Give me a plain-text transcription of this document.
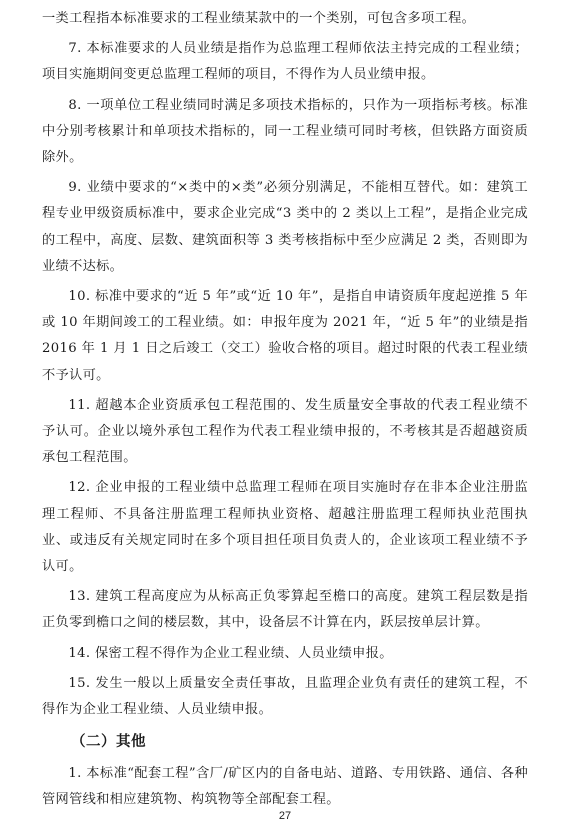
一类工程指本标准要求的工程业绩某款中的一个类别，可包含多项工程。

7. 本标准要求的人员业绩是指作为总监理工程师依法主持完成的工程业绩；项目实施期间变更总监理工程师的项目，不得作为人员业绩申报。

8. 一项单位工程业绩同时满足多项技术指标的，只作为一项指标考核。标准中分别考核累计和单项技术指标的，同一工程业绩可同时考核，但铁路方面资质除外。

9. 业绩中要求的“×类中的×类”必须分别满足，不能相互替代。如：建筑工程专业甲级资质标准中，要求企业完成“3 类中的 2 类以上工程”，是指企业完成的工程中，高度、层数、建筑面积等 3 类考核指标中至少应满足 2 类，否则即为业绩不达标。

10. 标准中要求的“近 5 年”或“近 10 年”，是指自申请资质年度起逆推 5 年或 10 年期间竣工的工程业绩。如：申报年度为 2021 年，“近 5 年”的业绩是指 2016 年 1 月 1 日之后竣工（交工）验收合格的项目。超过时限的代表工程业绩不予认可。

11. 超越本企业资质承包工程范围的、发生质量安全事故的代表工程业绩不予认可。企业以境外承包工程作为代表工程业绩申报的，不考核其是否超越资质承包工程范围。

12. 企业申报的工程业绩中总监理工程师在项目实施时存在非本企业注册监理工程师、不具备注册监理工程师执业资格、超越注册监理工程师执业范围执业、或违反有关规定同时在多个项目担任项目负责人的，企业该项工程业绩不予认可。

13. 建筑工程高度应为从标高正负零算起至檐口的高度。建筑工程层数是指正负零到檐口之间的楼层数，其中，设备层不计算在内，跃层按单层计算。

14. 保密工程不得作为企业工程业绩、人员业绩申报。

15. 发生一般以上质量安全责任事故，且监理企业负有责任的建筑工程，不得作为企业工程业绩、人员业绩申报。

（二）其他

1. 本标准“配套工程”含厂/矿区内的自备电站、道路、专用铁路、通信、各种管网管线和相应建筑物、构筑物等全部配套工程。

27
